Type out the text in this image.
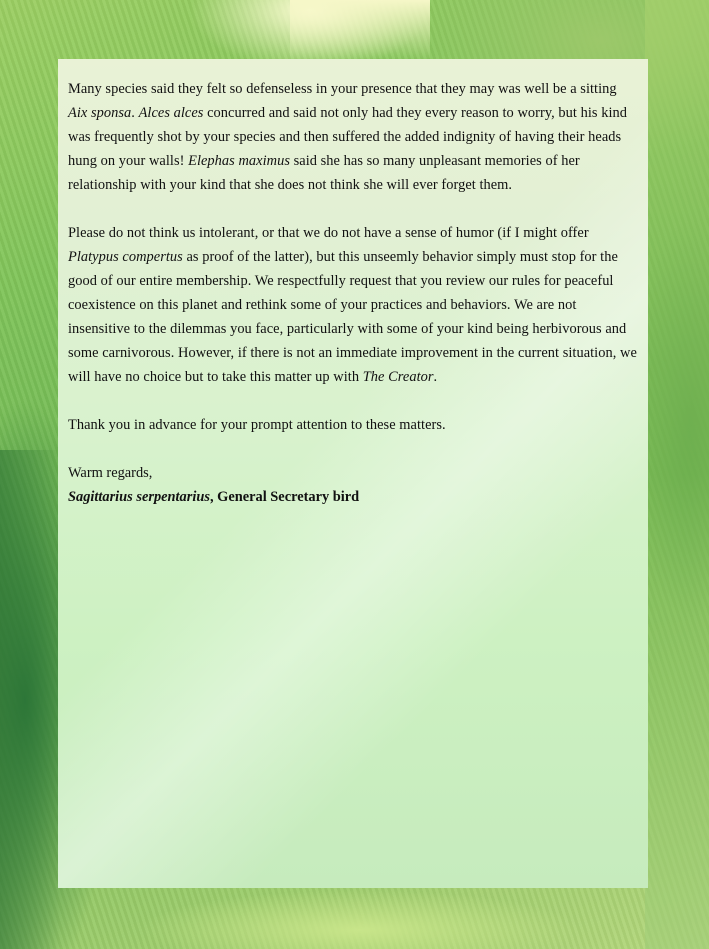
Many species said they felt so defenseless in your presence that they may was well be a sitting Aix sponsa. Alces alces concurred and said not only had they every reason to worry, but his kind was frequently shot by your species and then suffered the added indignity of having their heads hung on your walls! Elephas maximus said she has so many unpleasant memories of her relationship with your kind that she does not think she will ever forget them.

Please do not think us intolerant, or that we do not have a sense of humor (if I might offer Platypus compertus as proof of the latter), but this unseemly behavior simply must stop for the good of our entire membership. We respectfully request that you review our rules for peaceful coexistence on this planet and rethink some of your practices and behaviors. We are not insensitive to the dilemmas you face, particularly with some of your kind being herbivorous and some carnivorous. However, if there is not an immediate improvement in the current situation, we will have no choice but to take this matter up with The Creator.

Thank you in advance for your prompt attention to these matters.

Warm regards,

Sagittarius serpentarius, General Secretary bird
